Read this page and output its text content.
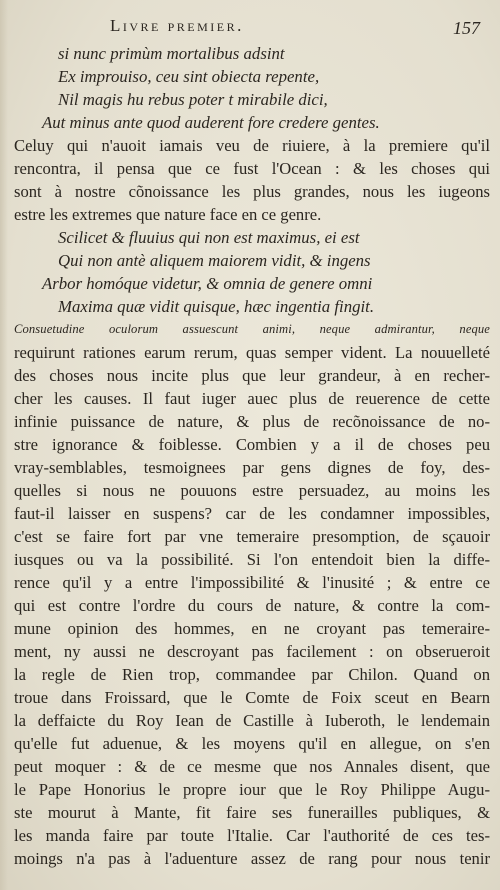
Livre premier.	157
si nunc primùm mortalibus adsint
Ex improuiso, ceu sint obiecta repente,
Nil magis hu rebus poter t mirabile dici,
Aut minus ante quod auderent fore credere gentes.
Celuy qui n'auoit iamais veu de riuiere, à la premiere qu'il
rencontra, il pensa que ce fust l'Ocean : & les choses qui
sont à nostre cõnoissance les plus grandes, nous les iugeons
estre les extremes que nature face en ce genre.
Scilicet & fluuius qui non est maximus, ei est
Qui non antè aliquem maiorem vidit, & ingens
Arbor homóque videtur, & omnia de genere omni
Maxima quæ vidit quisque, hæc ingentia fingit.
Consuetudine oculorum assuescunt animi, neque admirantur, neque
requirunt rationes earum rerum, quas semper vident. La nouuelleté
des choses nous incite plus que leur grandeur, à en recher-
cher les causes. Il faut iuger auec plus de reuerence de cette
infinie puissance de nature, & plus de recõnoissance de no-
stre ignorance & foiblesse. Combien y a il de choses peu
vray-semblables, tesmoignees par gens dignes de foy, des-
quelles si nous ne pouuons estre persuadez, au moins les
faut-il laisser en suspens? car de les condamner impossibles,
c'est se faire fort par vne temeraire presomption, de sçauoir
iusques ou va la possibilité. Si l'on entendoit bien la diffe-
rence qu'il y a entre l'impossibilité & l'inusité ; & entre ce
qui est contre l'ordre du cours de nature, & contre la com-
mune opinion des hommes, en ne croyant pas temeraire-
ment, ny aussi ne descroyant pas facilement : on obserueroit
la regle de Rien trop, commandee par Chilon. Quand on
troue dans Froissard, que le Comte de Foix sceut en Bearn
la deffaicte du Roy Iean de Castille à Iuberoth, le lendemain
qu'elle fut aduenue, & les moyens qu'il en allegue, on s'en
peut moquer : & de ce mesme que nos Annales disent, que
le Pape Honorius le propre iour que le Roy Philippe Augu-
ste mourut à Mante, fit faire ses funerailles publiques, &
les manda faire par toute l'Italie. Car l'authorité de ces tes-
moings n'a pas à l'aduenture assez de rang pour nous tenir
